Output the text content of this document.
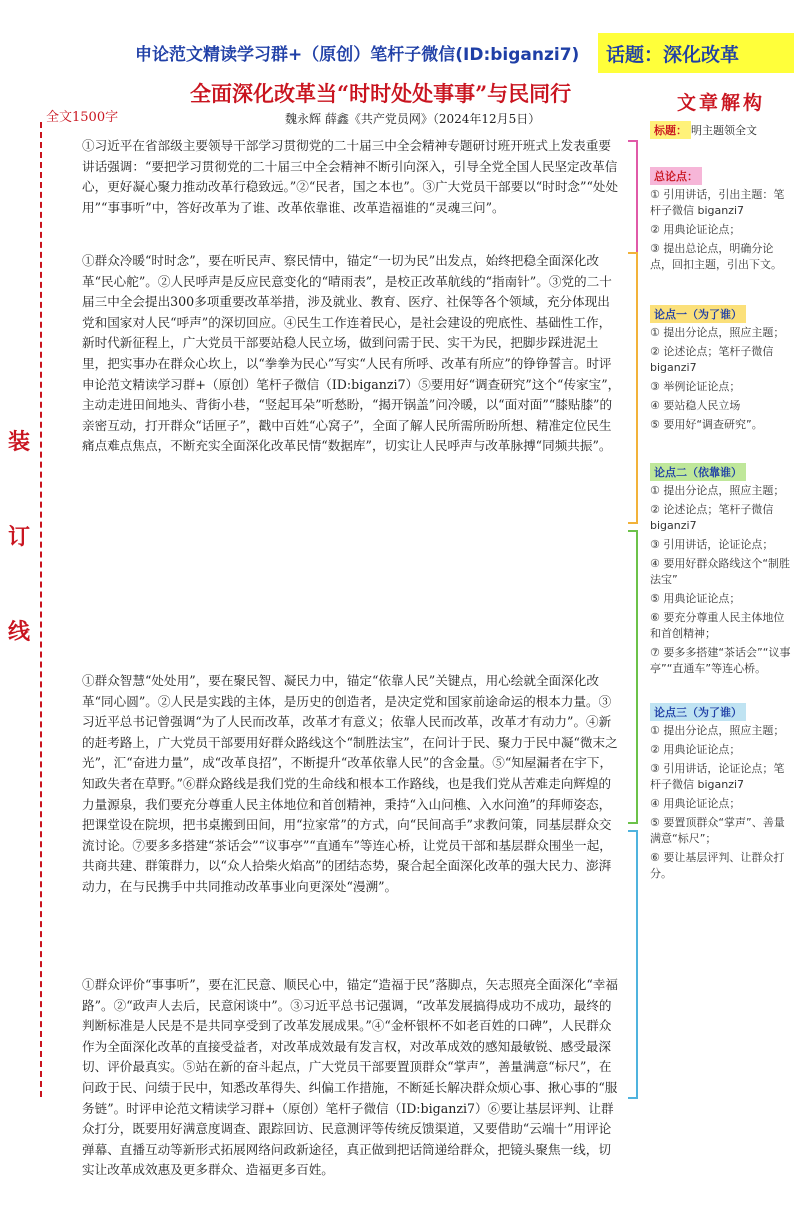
申论范文精读学习群+（原创）笔杆子微信(ID:biganzi7)	话题：深化改革
全面深化改革当“时时处处事事”与民同行
魏永辉 薛鑫《共产党员网》（2024年12月5日）
全文1500字
装
订
线

①习近平在省部级主要领导干部学习贯彻党的二十届三中全会精神专题研讨班开班式上发表重要讲话强调：“要把学习贯彻党的二十届三中全会精神不断引向深入，引导全党全国人民坚定改革信心，更好凝心聚力推动改革行稳致远。”②“民者，国之本也”。③广大党员干部要以“时时念”“处处用”“事事听”中，答好改革为了谁、改革依靠谁、改革造福谁的“灵魂三问”。

①群众冷暖“时时念”，要在听民声、察民情中，锚定“一切为民”出发点，始终把稳全面深化改革“民心舵”。②人民呼声是反应民意变化的“晴雨表”，是校正改革航线的“指南针”。③党的二十届三中全会提出300多项重要改革举措，涉及就业、教育、医疗、社保等各个领域，充分体现出党和国家对人民“呼声”的深切回应。④民生工作连着民心，是社会建设的兜底性、基础性工作，新时代新征程上，广大党员干部要站稳人民立场，做到问需于民、实干为民，把脚步踩进泥土里，把实事办在群众心坎上，以“拳拳为民心”写实“人民有所呼、改革有所应”的铮铮誓言。时评申论范文精读学习群+（原创）笔杆子微信（ID:biganzi7）⑤要用好“调查研究”这个“传家宝”，主动走进田间地头、背街小巷，“竖起耳朵”听愁盼，“揭开锅盖”问冷暖，以“面对面”“膝贴膝”的亲密互动，打开群众“话匣子”，戳中百姓“心窝子”，全面了解人民所需所盼所想、精准定位民生痛点难点焦点，不断充实全面深化改革民情“数据库”，切实让人民呼声与改革脉搏“同频共振”。

①群众智慧“处处用”，要在聚民智、凝民力中，锚定“依靠人民”关键点，用心绘就全面深化改革“同心圆”。②人民是实践的主体，是历史的创造者，是决定党和国家前途命运的根本力量。③习近平总书记曾强调“为了人民而改革，改革才有意义；依靠人民而改革，改革才有动力”。④新的赶考路上，广大党员干部要用好群众路线这个“制胜法宝”，在问计于民、聚力于民中凝“微末之光”，汇“奋进力量”，成“改革良招”，不断提升“改革依靠人民”的含金量。⑤“知屋漏者在宇下，知政失者在草野。”⑥群众路线是我们党的生命线和根本工作路线，也是我们党从苦难走向辉煌的力量源泉，我们要充分尊重人民主体地位和首创精神，秉持“入山问樵、入水问渔”的拜师姿态，把课堂设在院坝，把书桌搬到田间，用“拉家常”的方式，向“民间高手”求教问策，同基层群众交流讨论。⑦要多多搭建“茶话会”“议事亭”“直通车”等连心桥，让党员干部和基层群众围坐一起，共商共建、群策群力，以“众人拾柴火焰高”的团结态势，聚合起全面深化改革的强大民力、澎湃动力，在与民携手中共同推动改革事业向更深处“漫溯”。

①群众评价“事事听”，要在汇民意、顺民心中，锚定“造福于民”落脚点，矢志照亮全面深化“幸福路”。②“政声人去后，民意闲谈中”。③习近平总书记强调，“改革发展搞得成功不成功，最终的判断标准是人民是不是共同享受到了改革发展成果。”④“金杯银杯不如老百姓的口碑”，人民群众作为全面深化改革的直接受益者，对改革成效最有发言权，对改革成效的感知最敏锐、感受最深切、评价最真实。⑤站在新的奋斗起点，广大党员干部要置顶群众“掌声”，善量满意“标尺”，在问政于民、问绩于民中，知悉改革得失、纠偏工作措施，不断延长解决群众烦心事、揪心事的“服务链”。时评申论范文精读学习群+（原创）笔杆子微信（ID:biganzi7）⑥要让基层评判、让群众打分，既要用好满意度调查、跟踪回访、民意测评等传统反馈渠道，又要借助“云端十”用评论弹幕、直播互动等新形式拓展网络问政新途径，真正做到把话筒递给群众，把镜头聚焦一线，切实让改革成效惠及更多群众、造福更多百姓。

文章解构
标题： 明主题领全文
总论点：
① 引用讲话，引出主题：笔杆子微信 biganzi7
② 用典论证论点；
③ 提出总论点，明确分论点，回扣主题，引出下文。
论点一（为了谁）
① 提出分论点，照应主题；
② 论述论点；笔杆子微信 biganzi7
③ 举例论证论点；
④ 要站稳人民立场
⑤ 要用好“调查研究”。
论点二（依靠谁）
① 提出分论点，照应主题；
② 论述论点；笔杆子微信 biganzi7
③ 引用讲话，论证论点；
④ 要用好群众路线这个“制胜法宝”
⑤ 用典论证论点；
⑥ 要充分尊重人民主体地位和首创精神；
⑦ 要多多搭建“茶话会”“议事亭”“直通车”等连心桥。
论点三（为了谁）
① 提出分论点，照应主题；
② 用典论证论点；
③ 引用讲话，论证论点；笔杆子微信 biganzi7
④ 用典论证论点；
⑤ 要置顶群众“掌声”、善量满意“标尺”；
⑥ 要让基层评判、让群众打分。
